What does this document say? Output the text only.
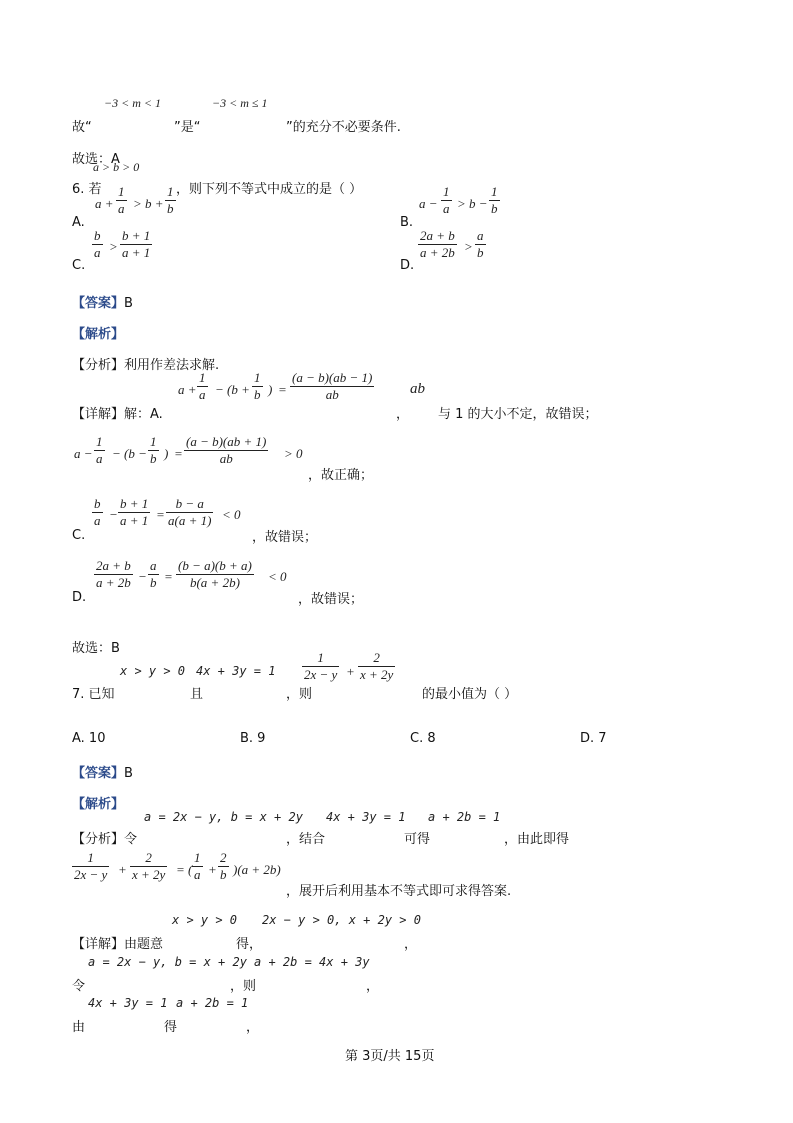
−3 < m < 1	−3 < m ≤ 1
故“	”是“	”的充分不必要条件.
故选：A
a > b > 0
6. 若	，则下列不等式中成立的是（ ）
A.
$a + \frac{1}{a} > b + \frac{1}{b}$
B.
$a - \frac{1}{a} > b - \frac{1}{b}$
C.
$\frac{b}{a} > \frac{b + 1}{a + 1}$
D.
$\frac{2a + b}{a + 2b} > \frac{a}{b}$
【答案】B
【解析】
【分析】利用作差法求解.
【详解】解：A.
$a + \frac{1}{a} - (b + \frac{1}{b}$ ) = $\frac{(a - b)(ab - 1)}{ab}$
，
ab
与 1 的大小不定，故错误；
$a - \frac{1}{a} - (b - \frac{1}{b}$ ) = $\frac{(a - b)(ab + 1)}{ab} > 0$
，故正确；
C.
$\frac{b}{a} - \frac{b + 1}{a + 1} = \frac{b - a}{a(a + 1)} < 0$
，故错误；
D.
$\frac{2a + b}{a + 2b} - \frac{a}{b} = \frac{(b - a)(b + a)}{b(a + 2b)} < 0$
，故错误；
故选：B
x > y > 0 4x + 3y = 1
7. 已知	且	，则
$\frac{1}{2x - y} + \frac{2}{x + 2y}$
的最小值为（ ）
A. 10	B. 9	C. 8	D. 7
【答案】B
【解析】
a = 2x − y, b = x + 2y 4x + 3y = 1 a + 2b = 1
【分析】令	，结合	可得	，由此即得
$\frac{1}{2x - y} + \frac{2}{x + 2y}$ = ( $\frac{1}{a} + \frac{2}{b} )(a + 2b)$
，展开后利用基本不等式即可求得答案.
x > y > 0 2x − y > 0, x + 2y > 0
【详解】由题意	得，	，
a = 2x − y, b = x + 2y a + 2b = 4x + 3y
令	，则	，
4x + 3y = 1 a + 2b = 1
由	得	，
第 3页/共 15页
